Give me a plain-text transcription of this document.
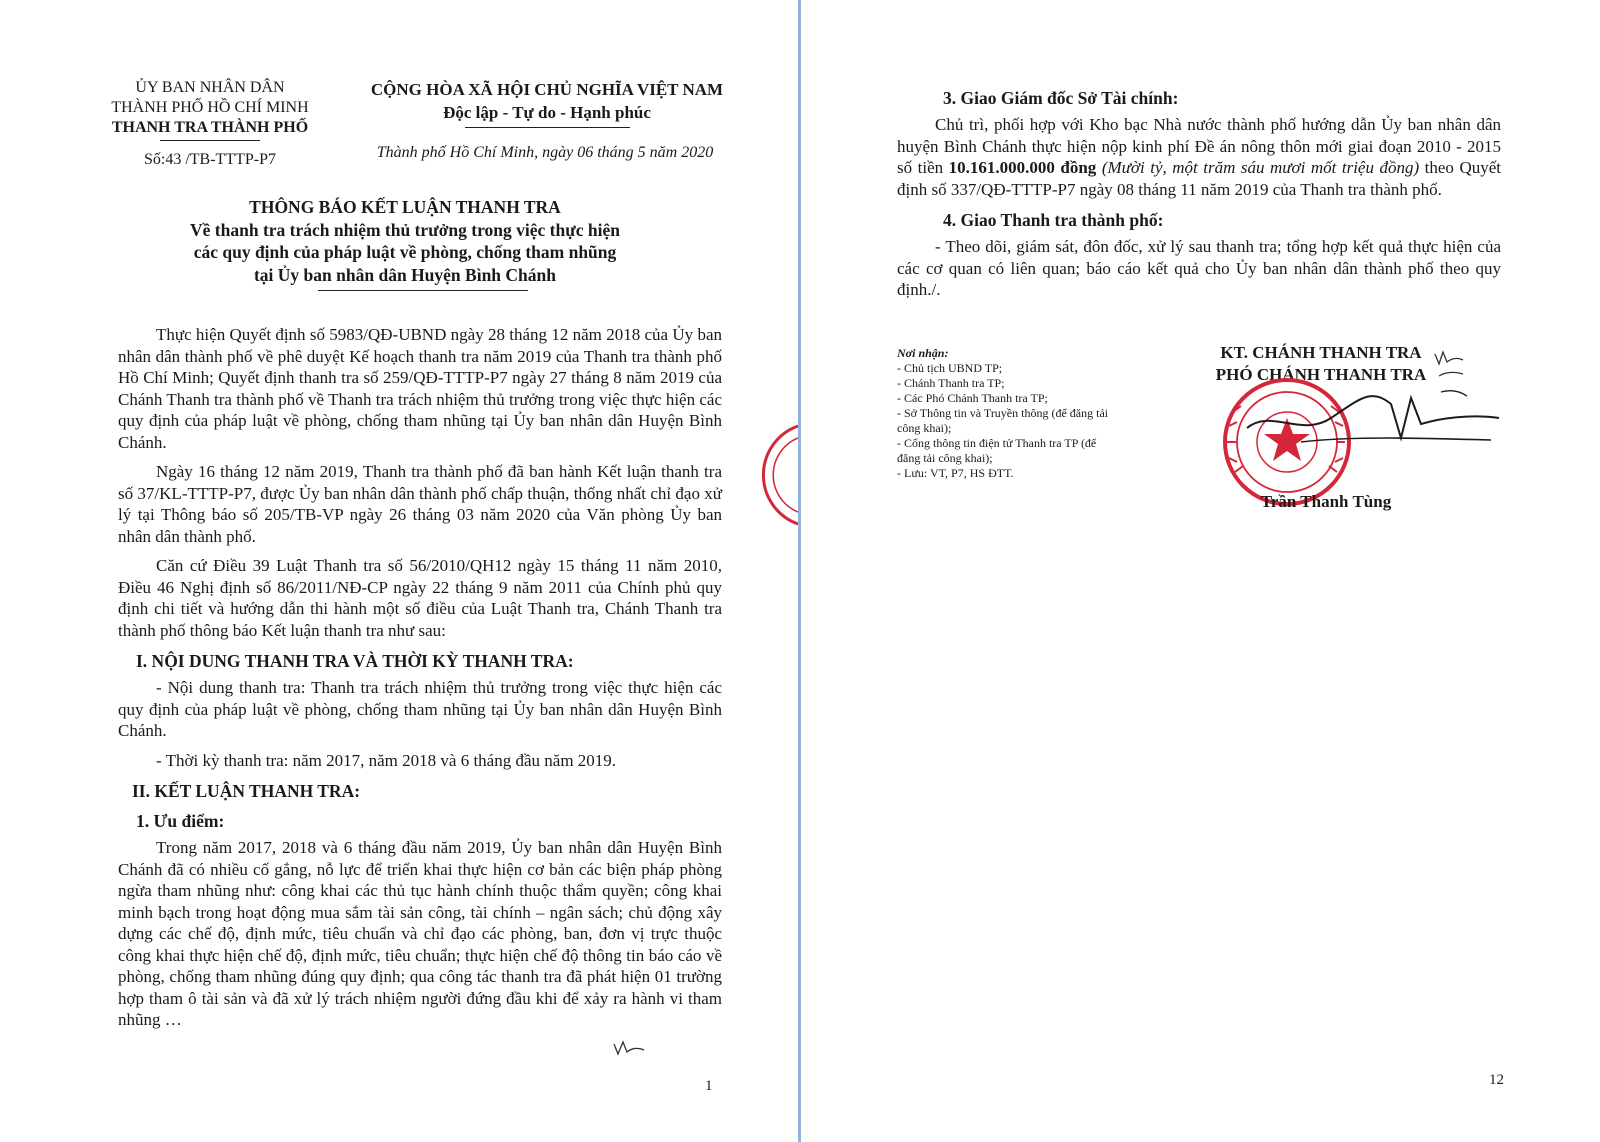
ỦY BAN NHÂN DÂN
THÀNH PHỐ HỒ CHÍ MINH
THANH TRA THÀNH PHỐ
Số:43 /TB-TTTP-P7
CỘNG HÒA XÃ HỘI CHỦ NGHĨA VIỆT NAM
Độc lập - Tự do - Hạnh phúc
Thành phố Hồ Chí Minh, ngày 06 tháng 5 năm 2020
THÔNG BÁO KẾT LUẬN THANH TRA
Về thanh tra trách nhiệm thủ trưởng trong việc thực hiện
các quy định của pháp luật về phòng, chống tham nhũng
tại Ủy ban nhân dân Huyện Bình Chánh

Thực hiện Quyết định số 5983/QĐ-UBND ngày 28 tháng 12 năm 2018 của Ủy ban nhân dân thành phố về phê duyệt Kế hoạch thanh tra năm 2019 của Thanh tra thành phố Hồ Chí Minh; Quyết định thanh tra số 259/QĐ-TTTP-P7 ngày 27 tháng 8 năm 2019 của Chánh Thanh tra thành phố về Thanh tra trách nhiệm thủ trưởng trong việc thực hiện các quy định của pháp luật về phòng, chống tham nhũng tại Ủy ban nhân dân Huyện Bình Chánh.

Ngày 16 tháng 12 năm 2019, Thanh tra thành phố đã ban hành Kết luận thanh tra số 37/KL-TTTP-P7, được Ủy ban nhân dân thành phố chấp thuận, thống nhất chỉ đạo xử lý tại Thông báo số 205/TB-VP ngày 26 tháng 03 năm 2020 của Văn phòng Ủy ban nhân dân thành phố.

Căn cứ Điều 39 Luật Thanh tra số 56/2010/QH12 ngày 15 tháng 11 năm 2010, Điều 46 Nghị định số 86/2011/NĐ-CP ngày 22 tháng 9 năm 2011 của Chính phủ quy định chi tiết và hướng dẫn thi hành một số điều của Luật Thanh tra, Chánh Thanh tra thành phố thông báo Kết luận thanh tra như sau:

I. NỘI DUNG THANH TRA VÀ THỜI KỲ THANH TRA:

- Nội dung thanh tra: Thanh tra trách nhiệm thủ trưởng trong việc thực hiện các quy định của pháp luật về phòng, chống tham nhũng tại Ủy ban nhân dân Huyện Bình Chánh.

- Thời kỳ thanh tra: năm 2017, năm 2018 và 6 tháng đầu năm 2019.

II. KẾT LUẬN THANH TRA:
1. Ưu điểm:

Trong năm 2017, 2018 và 6 tháng đầu năm 2019, Ủy ban nhân dân Huyện Bình Chánh đã có nhiều cố gắng, nỗ lực để triển khai thực hiện cơ bản các biện pháp phòng ngừa tham nhũng như: công khai các thủ tục hành chính thuộc thẩm quyền; công khai minh bạch trong hoạt động mua sắm tài sản công, tài chính – ngân sách; chủ động xây dựng các chế độ, định mức, tiêu chuẩn và chỉ đạo các phòng, ban, đơn vị trực thuộc công khai thực hiện chế độ, định mức, tiêu chuẩn; thực hiện chế độ thông tin báo cáo về phòng, chống tham nhũng đúng quy định; qua công tác thanh tra đã phát hiện 01 trường hợp tham ô tài sản và đã xử lý trách nhiệm người đứng đầu khi để xảy ra hành vi tham nhũng …

1
3. Giao Giám đốc Sở Tài chính:

Chủ trì, phối hợp với Kho bạc Nhà nước thành phố hướng dẫn Ủy ban nhân dân huyện Bình Chánh thực hiện nộp kinh phí Đề án nông thôn mới giai đoạn 2010 - 2015 số tiền 10.161.000.000 đồng (Mười tỷ, một trăm sáu mươi mốt triệu đồng) theo Quyết định số 337/QĐ-TTTP-P7 ngày 08 tháng 11 năm 2019 của Thanh tra thành phố.

4. Giao Thanh tra thành phố:

- Theo dõi, giám sát, đôn đốc, xử lý sau thanh tra; tổng hợp kết quả thực hiện của các cơ quan có liên quan; báo cáo kết quả cho Ủy ban nhân dân thành phố theo quy định./.

Nơi nhận:
- Chủ tịch UBND TP;
- Chánh Thanh tra TP;
- Các Phó Chánh Thanh tra TP;
- Sở Thông tin và Truyền thông (để đăng tải công khai);
- Cổng thông tin điện tử Thanh tra TP (để đăng tải công khai);
- Lưu: VT, P7, HS ĐTT.
KT. CHÁNH THANH TRA
PHÓ CHÁNH THANH TRA
Trần Thanh Tùng
12
